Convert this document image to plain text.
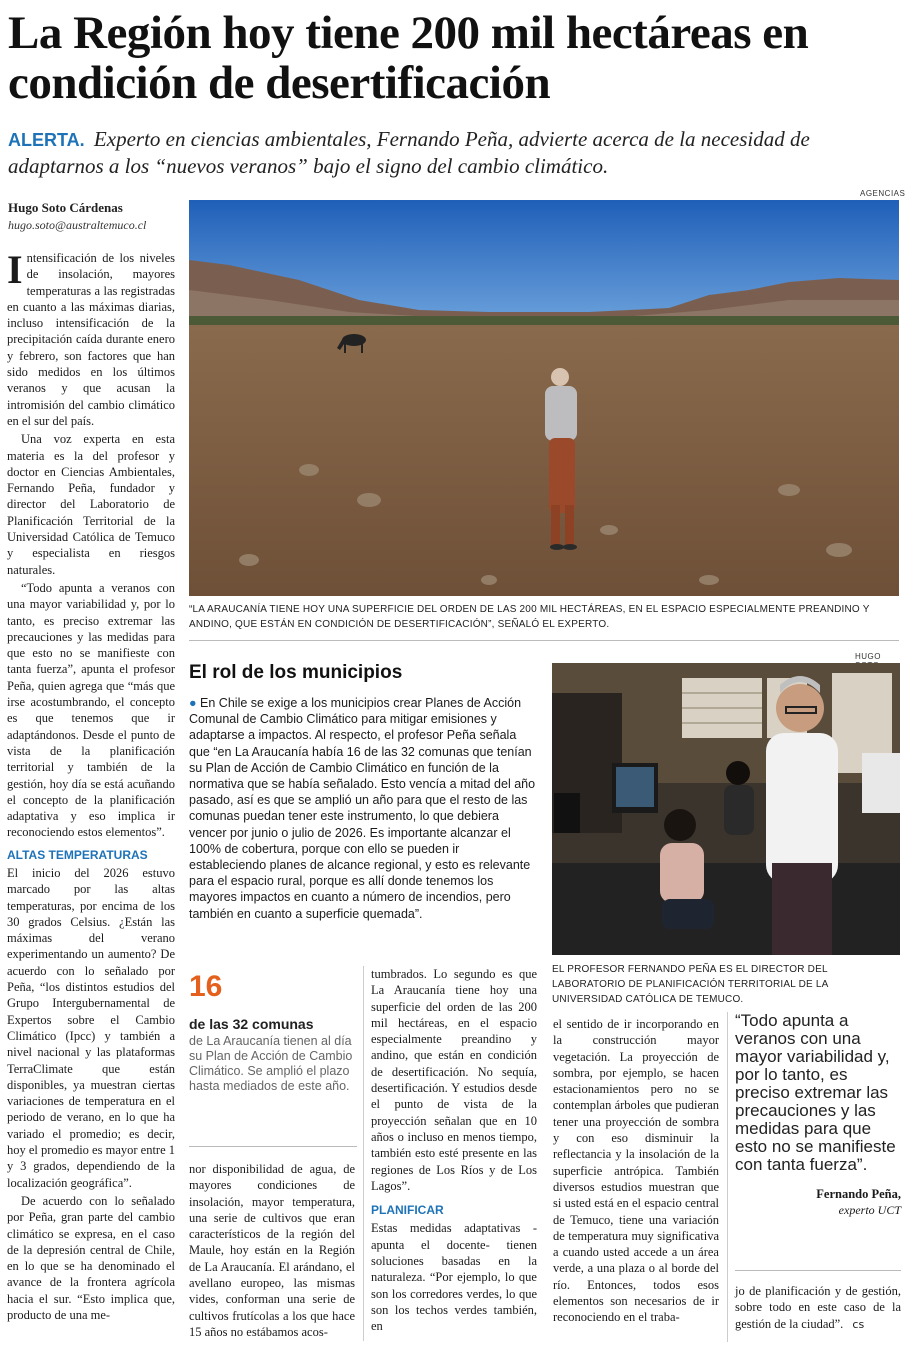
La Región hoy tiene 200 mil hectáreas en condición de desertificación
ALERTA. Experto en ciencias ambientales, Fernando Peña, advierte acerca de la necesidad de adaptarnos a los “nuevos veranos” bajo el signo del cambio climático.
Hugo Soto Cárdenas
hugo.soto@australtemuco.cl

Intensificación de los niveles de insolación, mayores temperaturas a las registradas en cuanto a las máximas diarias, incluso intensificación de la precipitación caída durante enero y febrero, son factores que han sido medidos en los últimos veranos y que acusan la intromisión del cambio climático en el sur del país.

Una voz experta en esta materia es la del profesor y doctor en Ciencias Ambientales, Fernando Peña, fundador y director del Laboratorio de Planificación Territorial de la Universidad Católica de Temuco y especialista en riesgos naturales.

“Todo apunta a veranos con una mayor variabilidad y, por lo tanto, es preciso extremar las precauciones y las medidas para que esto no se manifieste con tanta fuerza”, apunta el profesor Peña, quien agrega que “más que irse acostumbrando, el concepto es que tenemos que ir adaptándonos. Desde el punto de vista de la planificación territorial y también de la gestión, hoy día se está acuñando el concepto de la planificación adaptativa y eso implica ir reconociendo estos elementos”.

ALTAS TEMPERATURAS

El inicio del 2026 estuvo marcado por las altas temperaturas, por encima de los 30 grados Celsius. ¿Están las máximas del verano experimentando un aumento? De acuerdo con lo señalado por Peña, “los distintos estudios del Grupo Intergubernamental de Expertos sobre el Cambio Climático (Ipcc) y también a nivel nacional y las plataformas TerraClimate que están disponibles, ya muestran ciertas variaciones de temperatura en el periodo de verano, en lo que ha variado el promedio; es decir, hoy el promedio es mayor entre 1 y 3 grados, dependiendo de la localización geográfica”.

De acuerdo con lo señalado por Peña, gran parte del cambio climático se expresa, en el caso de la depresión central de Chile, en lo que se ha denominado el avance de la frontera agrícola hacia el sur. “Esto implica que, producto de una me-

AGENCIAS
“LA ARAUCANÍA TIENE HOY UNA SUPERFICIE DEL ORDEN DE LAS 200 MIL HECTÁREAS, EN EL ESPACIO ESPECIALMENTE PREANDINO Y ANDINO, QUE ESTÁN EN CONDICIÓN DE DESERTIFICACIÓN”, SEÑALÓ EL EXPERTO.
El rol de los municipios
● En Chile se exige a los municipios crear Planes de Acción Comunal de Cambio Climático para mitigar emisiones y adaptarse a impactos. Al respecto, el profesor Peña señala que “en La Araucanía había 16 de las 32 comunas que tenían su Plan de Acción de Cambio Climático en función de la normativa que se había señalado. Esto vencía a mitad del año pasado, así es que se amplió un año para que el resto de las comunas puedan tener este instrumento, lo que debiera vencer por junio o julio de 2026. Es importante alcanzar el 100% de cobertura, porque con ello se pueden ir estableciendo planes de alcance regional, y esto es relevante para el espacio rural, porque es allí donde tenemos los mayores impactos en cuanto a número de incendios, pero también en cuanto a superficie quemada”.
HUGO
EL PROFESOR FERNANDO PEÑA ES EL DIRECTOR DEL LABORATORIO DE PLANIFICACIÓN TERRITORIAL DE LA UNIVERSIDAD CATÓLICA DE TEMUCO.
16
de las 32 comunas
de La Araucanía tienen al día su Plan de Acción de Cambio Climático. Se amplió el plazo hasta mediados de este año.
nor disponibilidad de agua, de mayores condiciones de insolación, mayor temperatura, una serie de cultivos que eran característicos de la región del Maule, hoy están en la Región de La Araucanía. El arándano, el avellano europeo, las mismas vides, conforman una serie de cultivos frutícolas a los que hace 15 años no estábamos acos-

tumbrados. Lo segundo es que La Araucanía tiene hoy una superficie del orden de las 200 mil hectáreas, en el espacio especialmente preandino y andino, que están en condición de desertificación. No sequía, desertificación. Y estudios desde el punto de vista de la proyección señalan que en 10 años o incluso en menos tiempo, también esto esté presente en las regiones de Los Ríos y de Los Lagos”.

PLANIFICAR

Estas medidas adaptativas -apunta el docente- tienen soluciones basadas en la naturaleza. “Por ejemplo, lo que son los corredores verdes, lo que son los techos verdes también, en

el sentido de ir incorporando en la construcción mayor vegetación. La proyección de sombra, por ejemplo, se hacen estacionamientos pero no se contemplan árboles que pudieran tener una proyección de sombra y con eso disminuir la reflectancia y la insolación de la superficie antrópica. También diversos estudios muestran que si usted está en el espacio central de Temuco, tiene una variación de temperatura muy significativa a cuando usted accede a un área verde, a una plaza o al borde del río. Entonces, todos esos elementos son necesarios de ir reconociendo en el traba-
“Todo apunta a veranos con una mayor variabilidad y, por lo tanto, es preciso extremar las precauciones y las medidas para que esto no se manifieste con tanta fuerza”.
Fernando Peña,
experto UCT
jo de planificación y de gestión, sobre todo en este caso de la gestión de la ciudad”. cs
